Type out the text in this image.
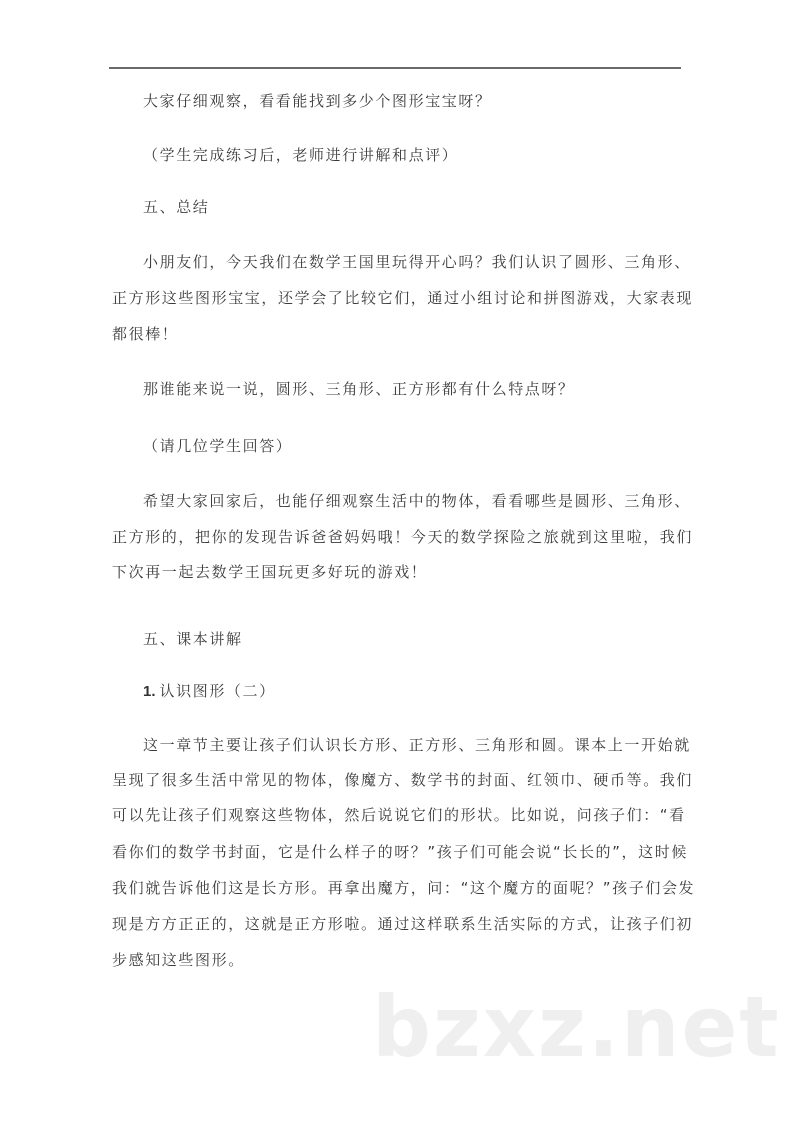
大家仔细观察，看看能找到多少个图形宝宝呀？
（学生完成练习后，老师进行讲解和点评）
五、总结
小朋友们，今天我们在数学王国里玩得开心吗？我们认识了圆形、三角形、
正方形这些图形宝宝，还学会了比较它们，通过小组讨论和拼图游戏，大家表现
都很棒！
那谁能来说一说，圆形、三角形、正方形都有什么特点呀？
（请几位学生回答）
希望大家回家后，也能仔细观察生活中的物体，看看哪些是圆形、三角形、
正方形的，把你的发现告诉爸爸妈妈哦！今天的数学探险之旅就到这里啦，我们
下次再一起去数学王国玩更多好玩的游戏！
五、课本讲解
1. 认识图形（二）
这一章节主要让孩子们认识长方形、正方形、三角形和圆。课本上一开始就
呈现了很多生活中常见的物体，像魔方、数学书的封面、红领巾、硬币等。我们
可以先让孩子们观察这些物体，然后说说它们的形状。比如说，问孩子们：“看
看你们的数学书封面，它是什么样子的呀？”孩子们可能会说“长长的”，这时候
我们就告诉他们这是长方形。再拿出魔方，问：“这个魔方的面呢？”孩子们会发
现是方方正正的，这就是正方形啦。通过这样联系生活实际的方式，让孩子们初
步感知这些图形。
bzxz.net
